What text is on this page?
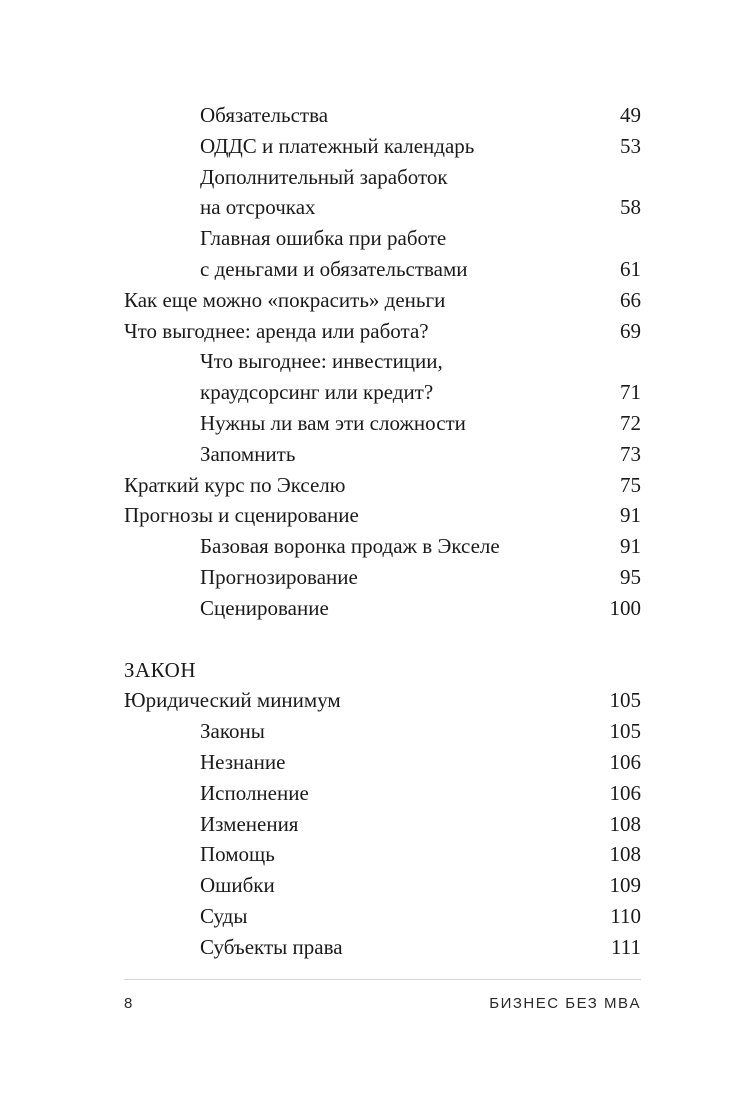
Обязательства	49
ОДДС и платежный календарь	53
Дополнительный заработок
на отсрочках	58
Главная ошибка при работе
с деньгами и обязательствами	61
Как еще можно «покрасить» деньги	66
Что выгоднее: аренда или работа?	69
Что выгоднее: инвестиции,
краудсорсинг или кредит?	71
Нужны ли вам эти сложности	72
Запомнить	73
Краткий курс по Экселю	75
Прогнозы и сценирование	91
Базовая воронка продаж в Экселе	91
Прогнозирование	95
Сценирование	100
ЗАКОН
Юридический минимум	105
Законы	105
Незнание	106
Исполнение	106
Изменения	108
Помощь	108
Ошибки	109
Суды	110
Субъекты права	111
8	БИЗНЕС БЕЗ MBA
